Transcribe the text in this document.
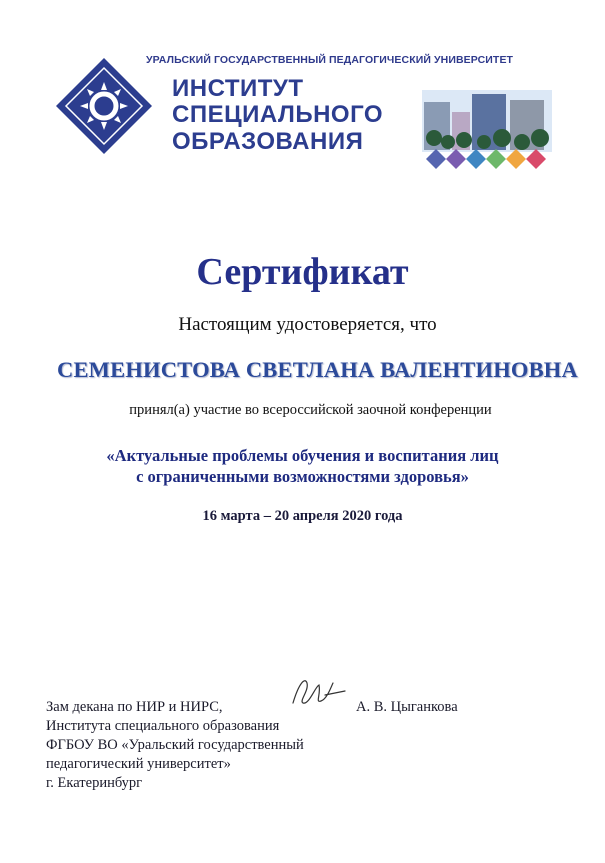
УРАЛЬСКИЙ ГОСУДАРСТВЕННЫЙ ПЕДАГОГИЧЕСКИЙ УНИВЕРСИТЕТ
ИНСТИТУТ
СПЕЦИАЛЬНОГО
ОБРАЗОВАНИЯ
Сертификат
Настоящим удостоверяется, что
СЕМЕНИСТОВА СВЕТЛАНА ВАЛЕНТИНОВНА
принял(а) участие во всероссийской заочной конференции
«Актуальные проблемы обучения и воспитания лиц
с ограниченными возможностями здоровья»
16 марта – 20 апреля 2020 года
Зам декана по НИР и НИРС,
Института специального образования
ФГБОУ ВО «Уральский государственный
педагогический университет»
г. Екатеринбург
А. В. Цыганкова
